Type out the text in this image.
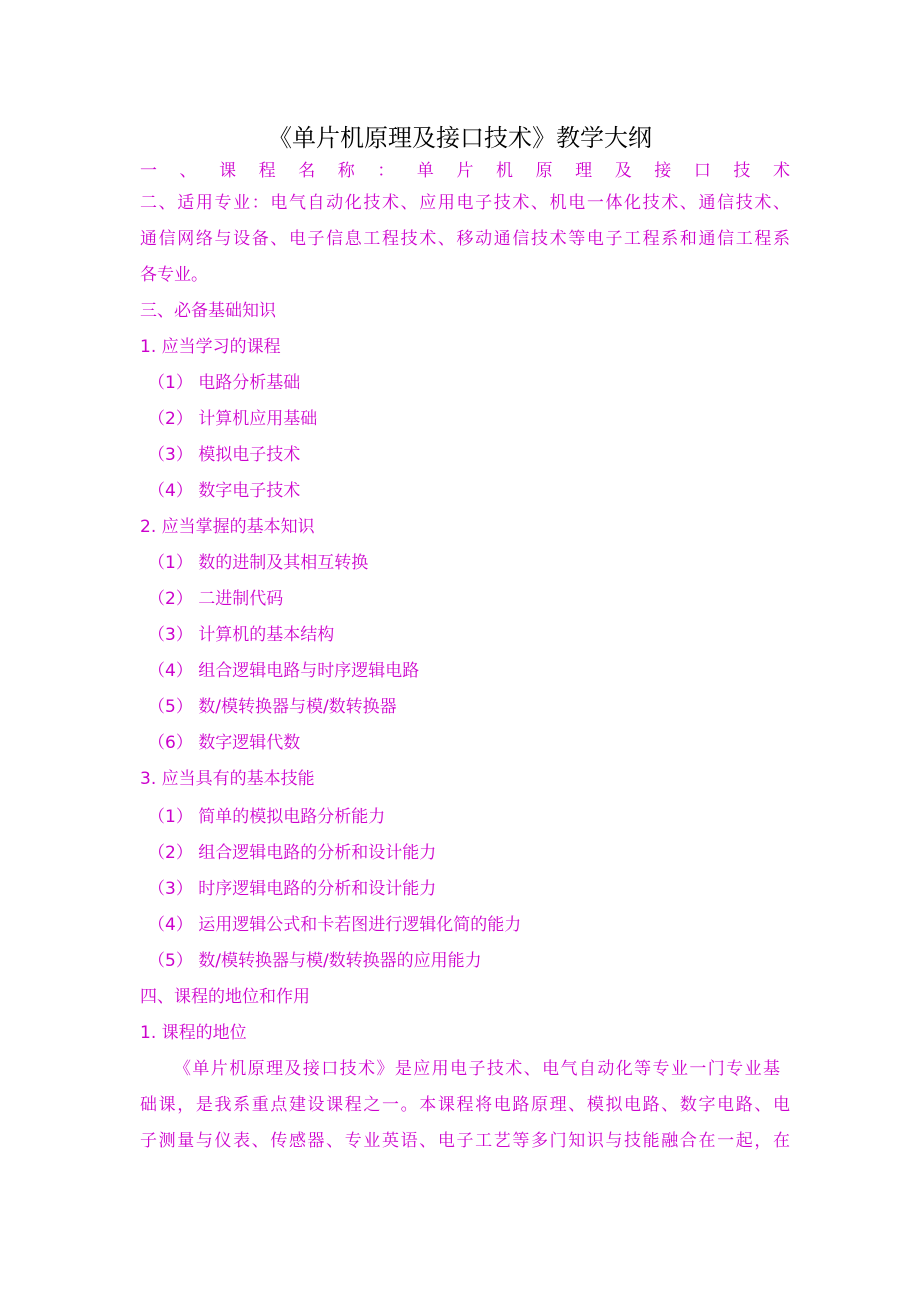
《单片机原理及接口技术》教学大纲
一、课程名称：单片机原理及接口技术
二、适用专业：电气自动化技术、应用电子技术、机电一体化技术、通信技术、
通信网络与设备、电子信息工程技术、移动通信技术等电子工程系和通信工程系
各专业。
三、必备基础知识
1. 应当学习的课程
（1） 电路分析基础
（2） 计算机应用基础
（3） 模拟电子技术
（4） 数字电子技术
2. 应当掌握的基本知识
（1） 数的进制及其相互转换
（2） 二进制代码
（3） 计算机的基本结构
（4） 组合逻辑电路与时序逻辑电路
（5） 数/模转换器与模/数转换器
（6） 数字逻辑代数
3. 应当具有的基本技能
（1） 简单的模拟电路分析能力
（2） 组合逻辑电路的分析和设计能力
（3） 时序逻辑电路的分析和设计能力
（4） 运用逻辑公式和卡若图进行逻辑化简的能力
（5） 数/模转换器与模/数转换器的应用能力
四、课程的地位和作用
1. 课程的地位
《单片机原理及接口技术》是应用电子技术、电气自动化等专业一门专业基
础课，是我系重点建设课程之一。本课程将电路原理、模拟电路、数字电路、电
子测量与仪表、传感器、专业英语、电子工艺等多门知识与技能融合在一起，在
